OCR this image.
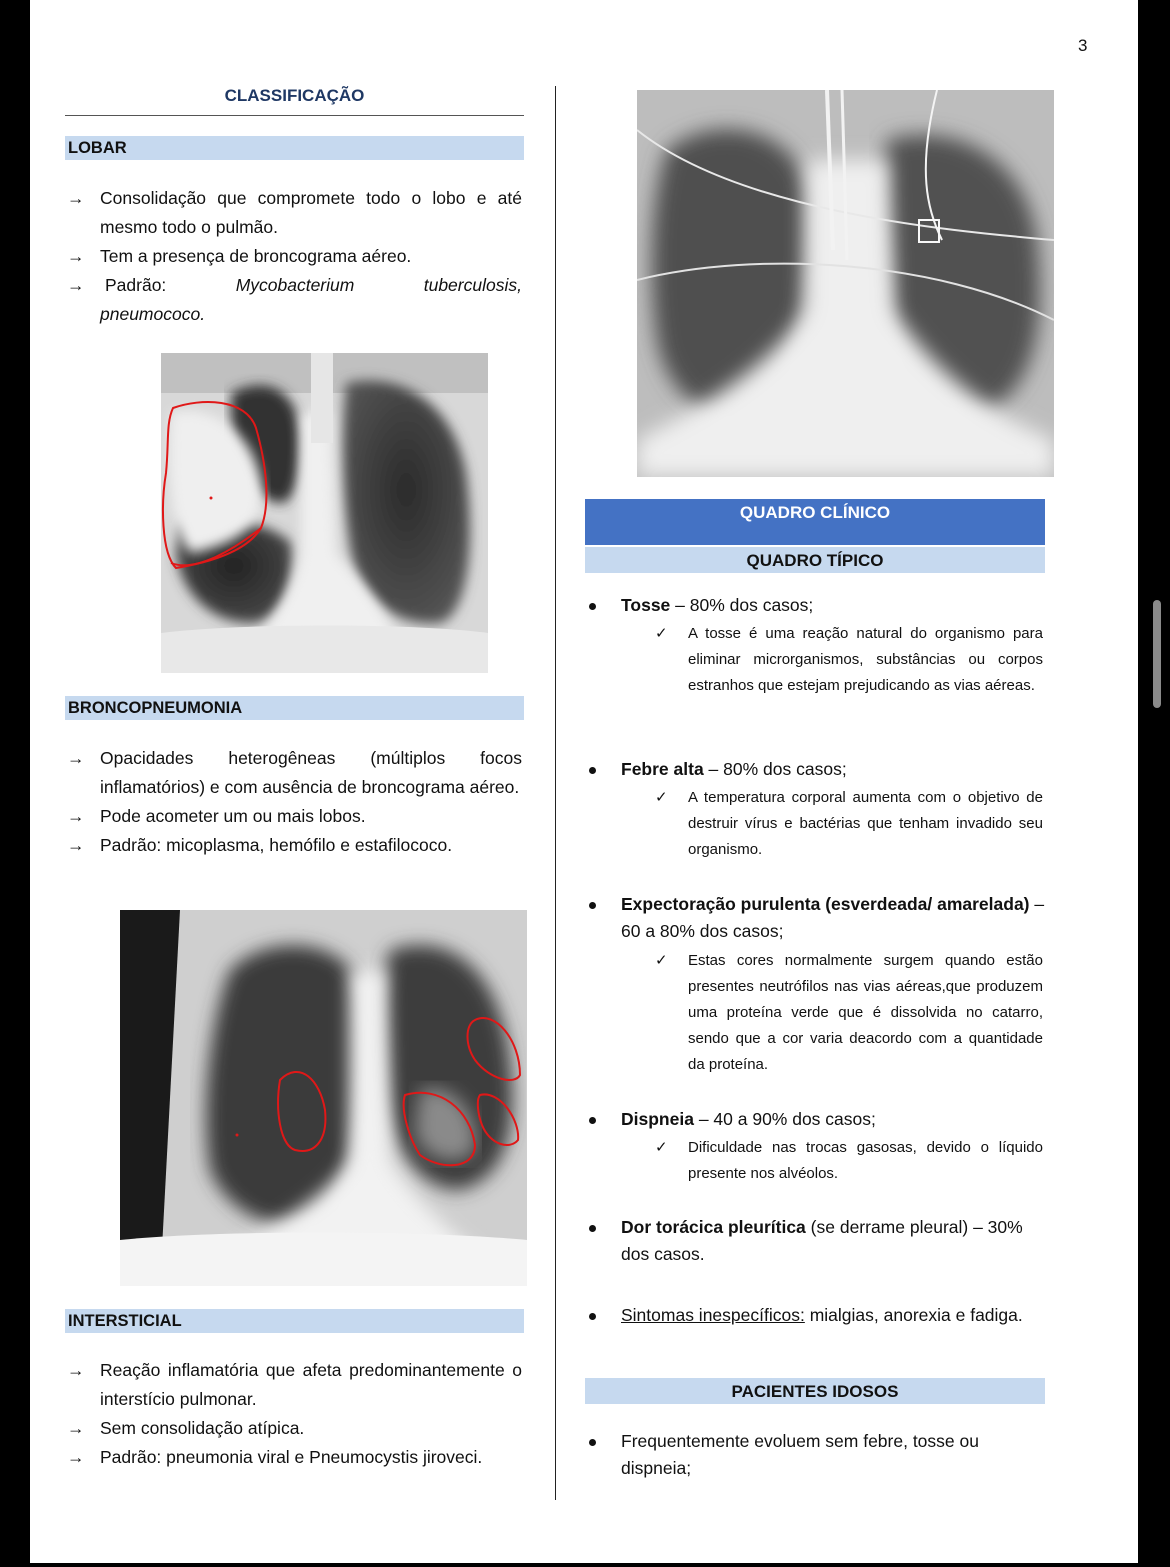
3
CLASSIFICAÇÃO
LOBAR
→ Consolidação que compromete todo o lobo e até mesmo todo o pulmão.
→ Tem a presença de broncograma aéreo.
→	Padrão:	Mycobacterium	tuberculosis,
pneumococo.
BRONCOPNEUMONIA
→ Opacidades heterogêneas (múltiplos focos inflamatórios) e com ausência de broncograma aéreo.
→ Pode acometer um ou mais lobos.
→ Padrão: micoplasma, hemófilo e estafilococo.
INTERSTICIAL
→ Reação inflamatória que afeta predominantemente o interstício pulmonar.
→ Sem consolidação atípica.
→ Padrão: pneumonia viral e Pneumocystis jiroveci.
QUADRO CLÍNICO
QUADRO TÍPICO
Tosse – 80% dos casos;
✓ A tosse é uma reação natural do organismo para eliminar microrganismos, substâncias ou corpos estranhos que estejam prejudicando as vias aéreas.
Febre alta – 80% dos casos;
✓ A temperatura corporal aumenta com o objetivo de destruir vírus e bactérias que tenham invadido seu organismo.
Expectoração purulenta (esverdeada/ amarelada) – 60 a 80% dos casos;
✓ Estas cores normalmente surgem quando estão presentes neutrófilos nas vias aéreas,que produzem uma proteína verde que é dissolvida no catarro, sendo que a cor varia deacordo com a quantidade da proteína.
Dispneia – 40 a 90% dos casos;
✓ Dificuldade nas trocas gasosas, devido o líquido presente nos alvéolos.
Dor torácica pleurítica (se derrame pleural) – 30% dos casos.
Sintomas inespecíficos: mialgias, anorexia e fadiga.
PACIENTES IDOSOS
Frequentemente evoluem sem febre, tosse ou dispneia;
